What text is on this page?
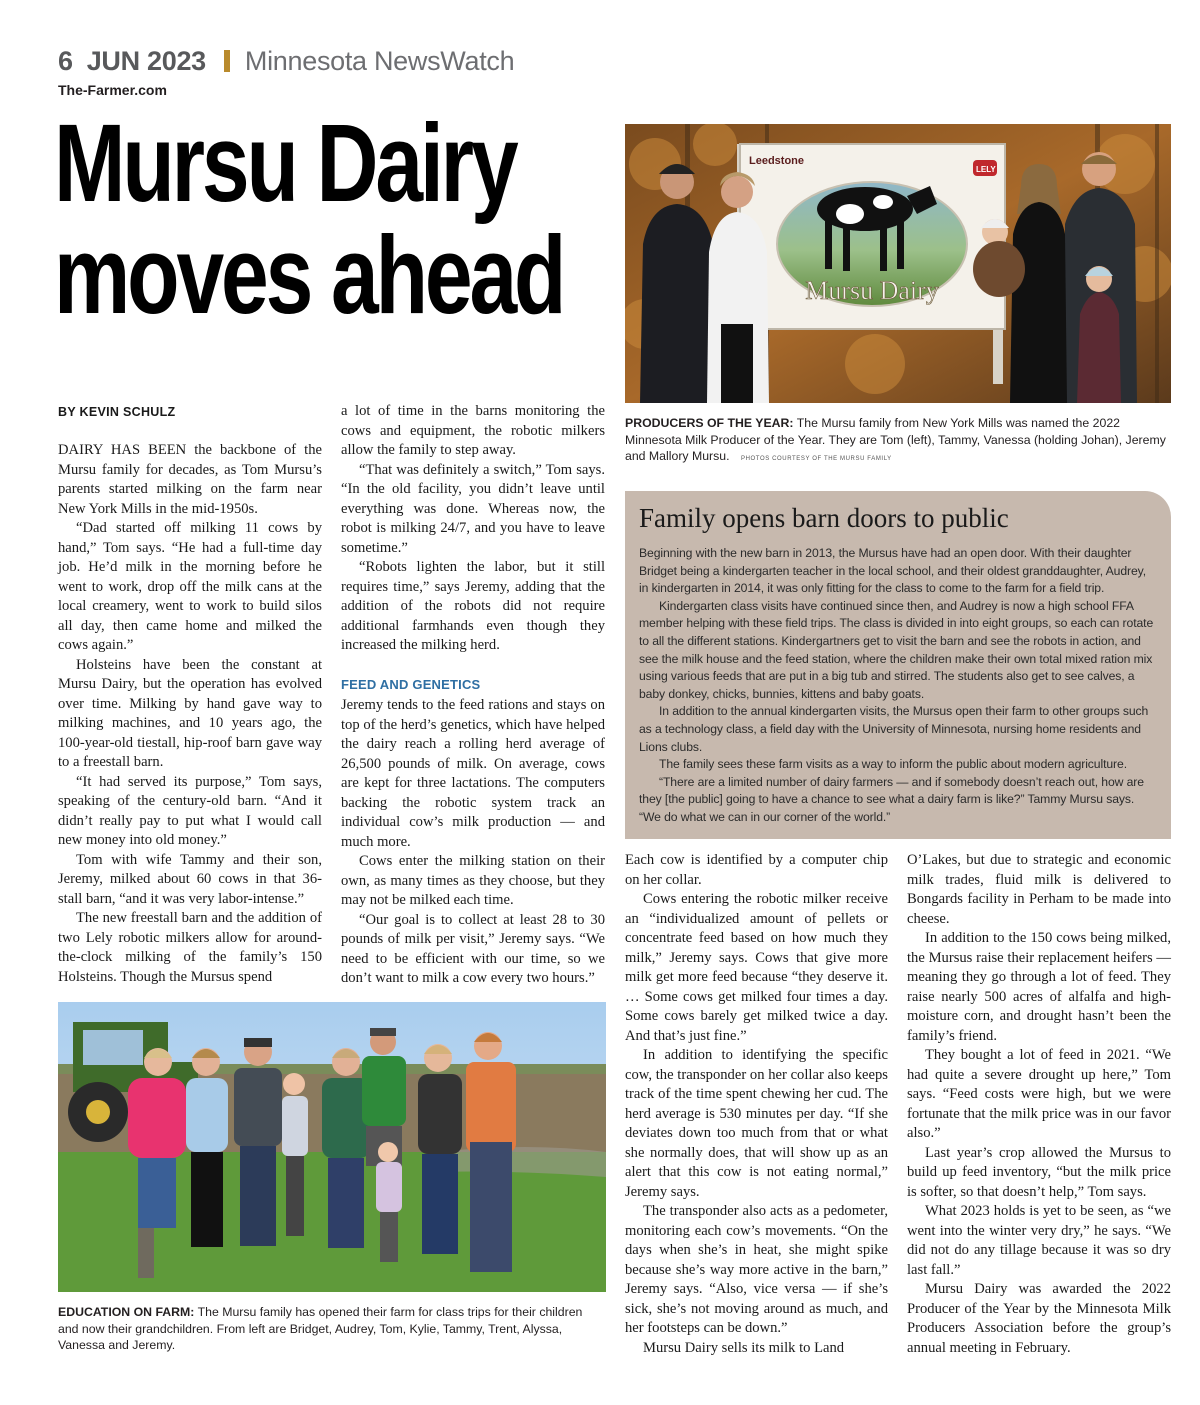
6 JUN 2023 Minnesota NewsWatch
The-Farmer.com
Mursu Dairy
moves ahead
BY KEVIN SCHULZ

DAIRY HAS BEEN the backbone of the Mursu family for decades, as Tom Mursu’s parents started milking on the farm near New York Mills in the mid-1950s.

“Dad started off milking 11 cows by hand,” Tom says. “He had a full-time day job. He’d milk in the morning before he went to work, drop off the milk cans at the local creamery, went to work to build silos all day, then came home and milked the cows again.”

Holsteins have been the constant at Mursu Dairy, but the operation has evolved over time. Milking by hand gave way to milking machines, and 10 years ago, the 100-year-old tiestall, hip-roof barn gave way to a freestall barn.

“It had served its purpose,” Tom says, speaking of the century-old barn. “And it didn’t really pay to put what I would call new money into old money.”

Tom with wife Tammy and their son, Jeremy, milked about 60 cows in that 36-stall barn, “and it was very labor-intense.”

The new freestall barn and the addition of two Lely robotic milkers allow for around-the-clock milking of the family’s 150 Holsteins. Though the Mursus spend

a lot of time in the barns monitoring the cows and equipment, the robotic milkers allow the family to step away.

“That was definitely a switch,” Tom says. “In the old facility, you didn’t leave until everything was done. Whereas now, the robot is milking 24/7, and you have to leave sometime.”

“Robots lighten the labor, but it still requires time,” says Jeremy, adding that the addition of the robots did not require additional farmhands even though they increased the milking herd.

FEED AND GENETICS

Jeremy tends to the feed rations and stays on top of the herd’s genetics, which have helped the dairy reach a rolling herd average of 26,500 pounds of milk. On average, cows are kept for three lactations. The computers backing the robotic system track an individual cow’s milk production — and much more.

Cows enter the milking station on their own, as many times as they choose, but they may not be milked each time.

“Our goal is to collect at least 28 to 30 pounds of milk per visit,” Jeremy says. “We need to be efficient with our time, so we don’t want to milk a cow every two hours.”

Leedstone
LELY
Mursu Dairy
PRODUCERS OF THE YEAR: The Mursu family from New York Mills was named the 2022 Minnesota Milk Producer of the Year. They are Tom (left), Tammy, Vanessa (holding Johan), Jeremy and Mallory Mursu. PHOTOS COURTESY OF THE MURSU FAMILY
Family opens barn doors to public

Beginning with the new barn in 2013, the Mursus have had an open door. With their daughter Bridget being a kindergarten teacher in the local school, and their oldest granddaughter, Audrey, in kindergarten in 2014, it was only fitting for the class to come to the farm for a field trip.

Kindergarten class visits have continued since then, and Audrey is now a high school FFA member helping with these field trips. The class is divided in into eight groups, so each can rotate to all the different stations. Kindergartners get to visit the barn and see the robots in action, and see the milk house and the feed station, where the children make their own total mixed ration mix using various feeds that are put in a big tub and stirred. The students also get to see calves, a baby donkey, chicks, bunnies, kittens and baby goats.

In addition to the annual kindergarten visits, the Mursus open their farm to other groups such as a technology class, a field day with the University of Minnesota, nursing home residents and Lions clubs.

The family sees these farm visits as a way to inform the public about modern agriculture.

“There are a limited number of dairy farmers — and if somebody doesn’t reach out, how are they [the public] going to have a chance to see what a dairy farm is like?” Tammy Mursu says. “We do what we can in our corner of the world.”

Each cow is identified by a computer chip on her collar.

Cows entering the robotic milker receive an “individualized amount of pellets or concentrate feed based on how much they milk,” Jeremy says. Cows that give more milk get more feed because “they deserve it. … Some cows get milked four times a day. Some cows barely get milked twice a day. And that’s just fine.”

In addition to identifying the specific cow, the transponder on her collar also keeps track of the time spent chewing her cud. The herd average is 530 minutes per day. “If she deviates down too much from that or what she normally does, that will show up as an alert that this cow is not eating normal,” Jeremy says.

The transponder also acts as a pedometer, monitoring each cow’s movements. “On the days when she’s in heat, she might spike because she’s way more active in the barn,” Jeremy says. “Also, vice versa — if she’s sick, she’s not moving around as much, and her footsteps can be down.”

Mursu Dairy sells its milk to Land

O’Lakes, but due to strategic and economic milk trades, fluid milk is delivered to Bongards facility in Perham to be made into cheese.

In addition to the 150 cows being milked, the Mursus raise their replacement heifers — meaning they go through a lot of feed. They raise nearly 500 acres of alfalfa and high-moisture corn, and drought hasn’t been the family’s friend.

They bought a lot of feed in 2021. “We had quite a severe drought up here,” Tom says. “Feed costs were high, but we were fortunate that the milk price was in our favor also.”

Last year’s crop allowed the Mursus to build up feed inventory, “but the milk price is softer, so that doesn’t help,” Tom says.

What 2023 holds is yet to be seen, as “we went into the winter very dry,” he says. “We did not do any tillage because it was so dry last fall.”

Mursu Dairy was awarded the 2022 Producer of the Year by the Minnesota Milk Producers Association before the group’s annual meeting in February.

EDUCATION ON FARM: The Mursu family has opened their farm for class trips for their children and now their grandchildren. From left are Bridget, Audrey, Tom, Kylie, Tammy, Trent, Alyssa, Vanessa and Jeremy.
